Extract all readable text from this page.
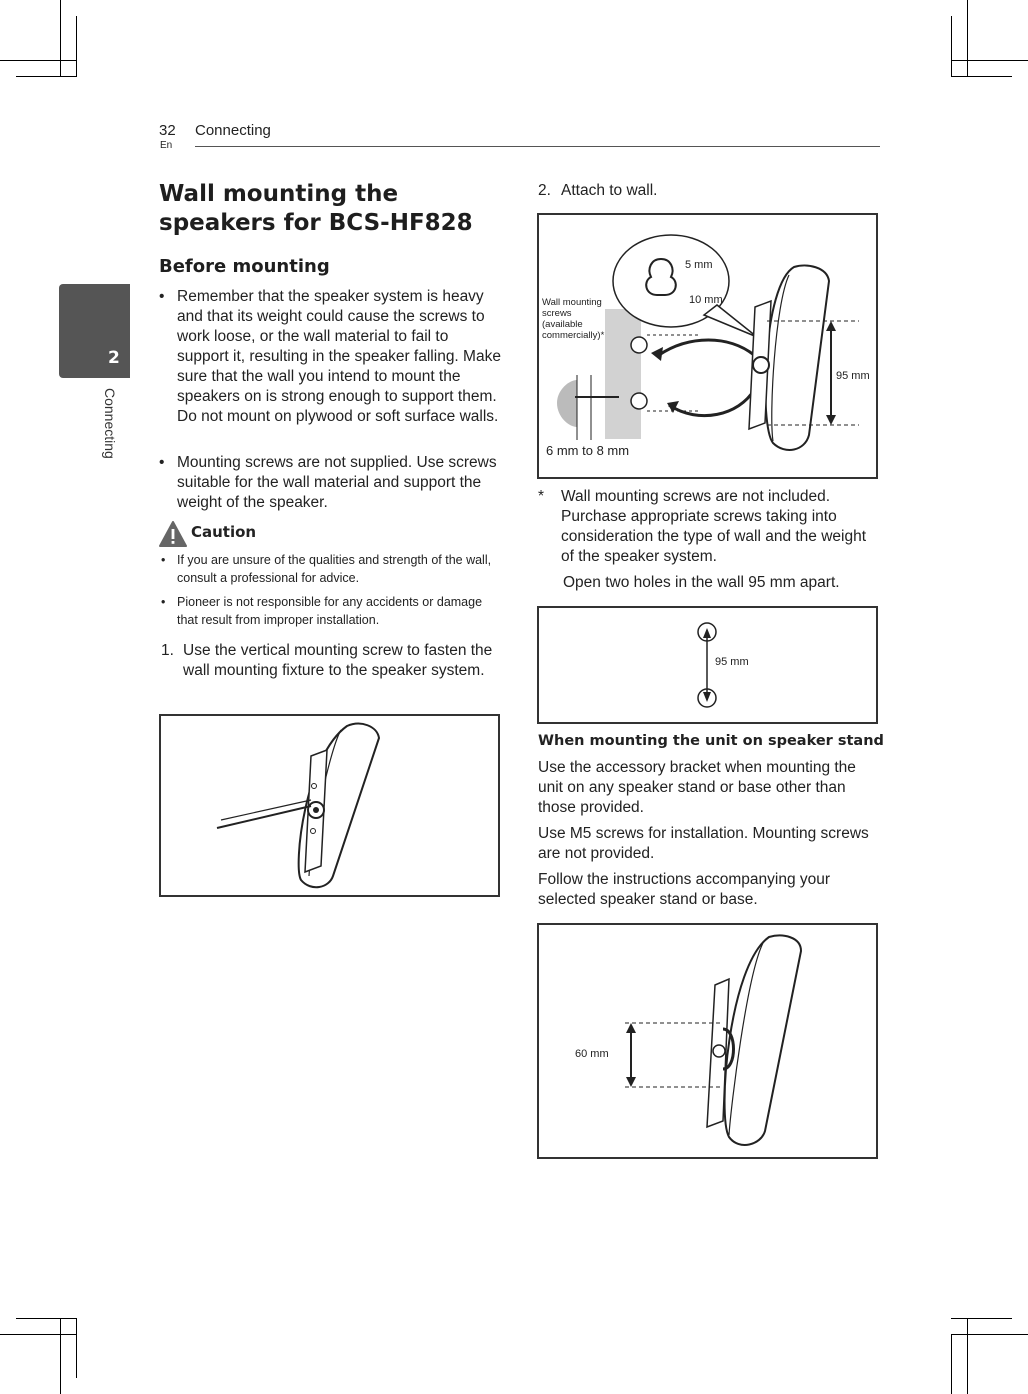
32
En
Connecting
2
Connecting
Wall mounting the speakers for BCS-HF828
Before mounting
• Remember that the speaker system is heavy and that its weight could cause the screws to work loose, or the wall material to fail to support it, resulting in the speaker falling. Make sure that the wall you intend to mount the speakers on is strong enough to support them. Do not mount on plywood or soft surface walls.
• Mounting screws are not supplied. Use screws suitable for the wall material and support the weight of the speaker.
Caution
• If you are unsure of the qualities and strength of the wall, consult a professional for advice.
• Pioneer is not responsible for any accidents or damage that result from improper installation.
1. Use the vertical mounting screw to fasten the wall mounting fixture to the speaker system.
2. Attach to wall.
Wall mounting screws (available commercially)*
5 mm
10 mm
95 mm
6 mm to 8 mm
* Wall mounting screws are not included. Purchase appropriate screws taking into consideration the type of wall and the weight of the speaker system.
Open two holes in the wall 95 mm apart.
95 mm
When mounting the unit on speaker stand
Use the accessory bracket when mounting the unit on any speaker stand or base other than those provided.
Use M5 screws for installation. Mounting screws are not provided.
Follow the instructions accompanying your selected speaker stand or base.
60 mm
